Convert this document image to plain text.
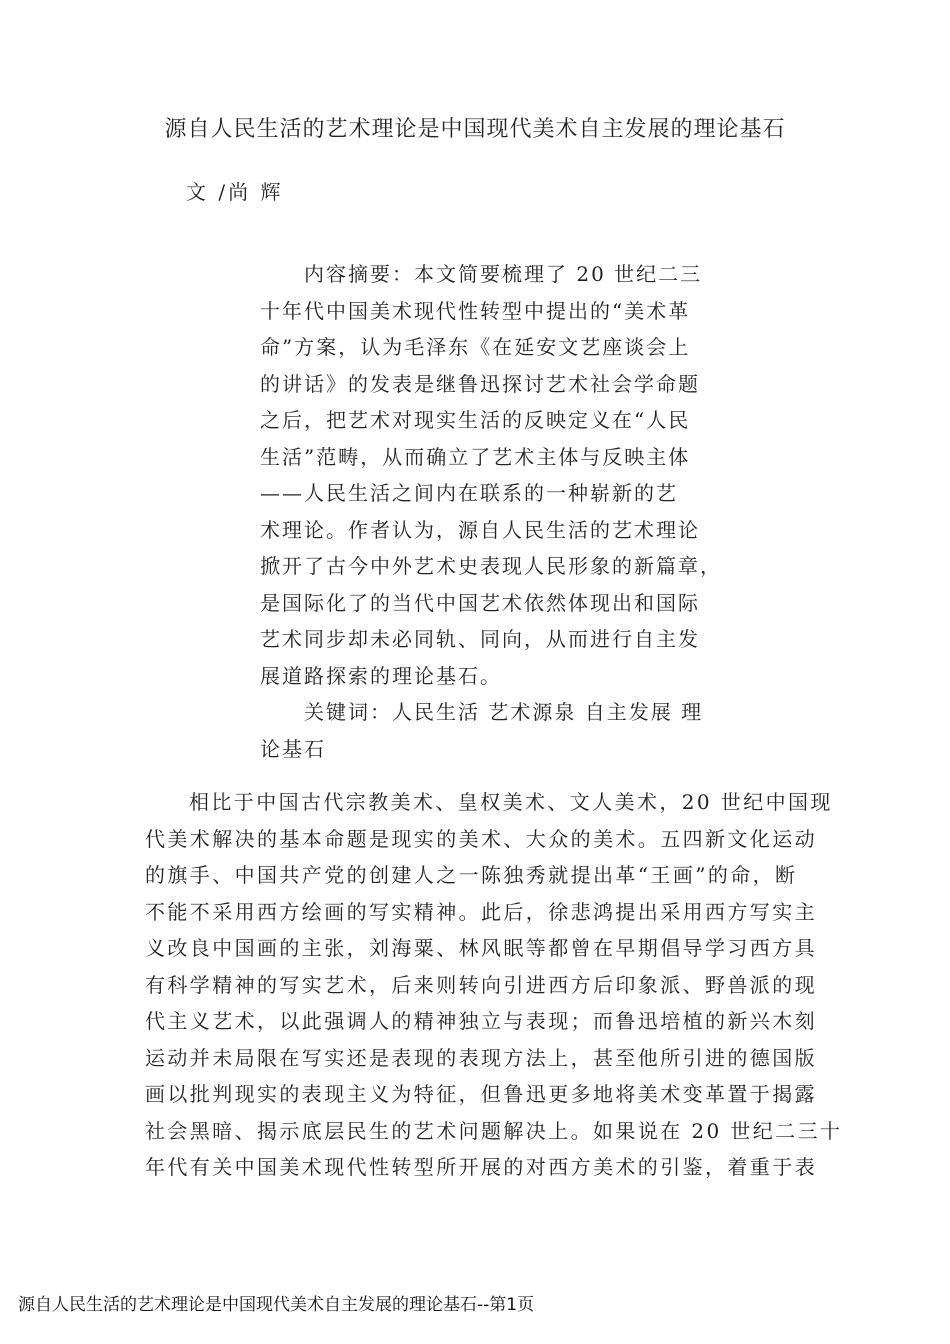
源自人民生活的艺术理论是中国现代美术自主发展的理论基石
文 /尚 辉
内容摘要：本文简要梳理了 20 世纪二三
十年代中国美术现代性转型中提出的“美术革
命”方案，认为毛泽东《在延安文艺座谈会上
的讲话》的发表是继鲁迅探讨艺术社会学命题
之后，把艺术对现实生活的反映定义在“人民
生活”范畴，从而确立了艺术主体与反映主体
——人民生活之间内在联系的一种崭新的艺
术理论。作者认为，源自人民生活的艺术理论
掀开了古今中外艺术史表现人民形象的新篇章，
是国际化了的当代中国艺术依然体现出和国际
艺术同步却未必同轨、同向，从而进行自主发
展道路探索的理论基石。
关键词：人民生活 艺术源泉 自主发展 理
论基石
相比于中国古代宗教美术、皇权美术、文人美术，20 世纪中国现
代美术解决的基本命题是现实的美术、大众的美术。五四新文化运动
的旗手、中国共产党的创建人之一陈独秀就提出革“王画”的命，断
不能不采用西方绘画的写实精神。此后，徐悲鸿提出采用西方写实主
义改良中国画的主张，刘海粟、林风眠等都曾在早期倡导学习西方具
有科学精神的写实艺术，后来则转向引进西方后印象派、野兽派的现
代主义艺术，以此强调人的精神独立与表现；而鲁迅培植的新兴木刻
运动并未局限在写实还是表现的表现方法上，甚至他所引进的德国版
画以批判现实的表现主义为特征，但鲁迅更多地将美术变革置于揭露
社会黑暗、揭示底层民生的艺术问题解决上。如果说在 20 世纪二三十
年代有关中国美术现代性转型所开展的对西方美术的引鉴，着重于表
源自人民生活的艺术理论是中国现代美术自主发展的理论基石--第1页
